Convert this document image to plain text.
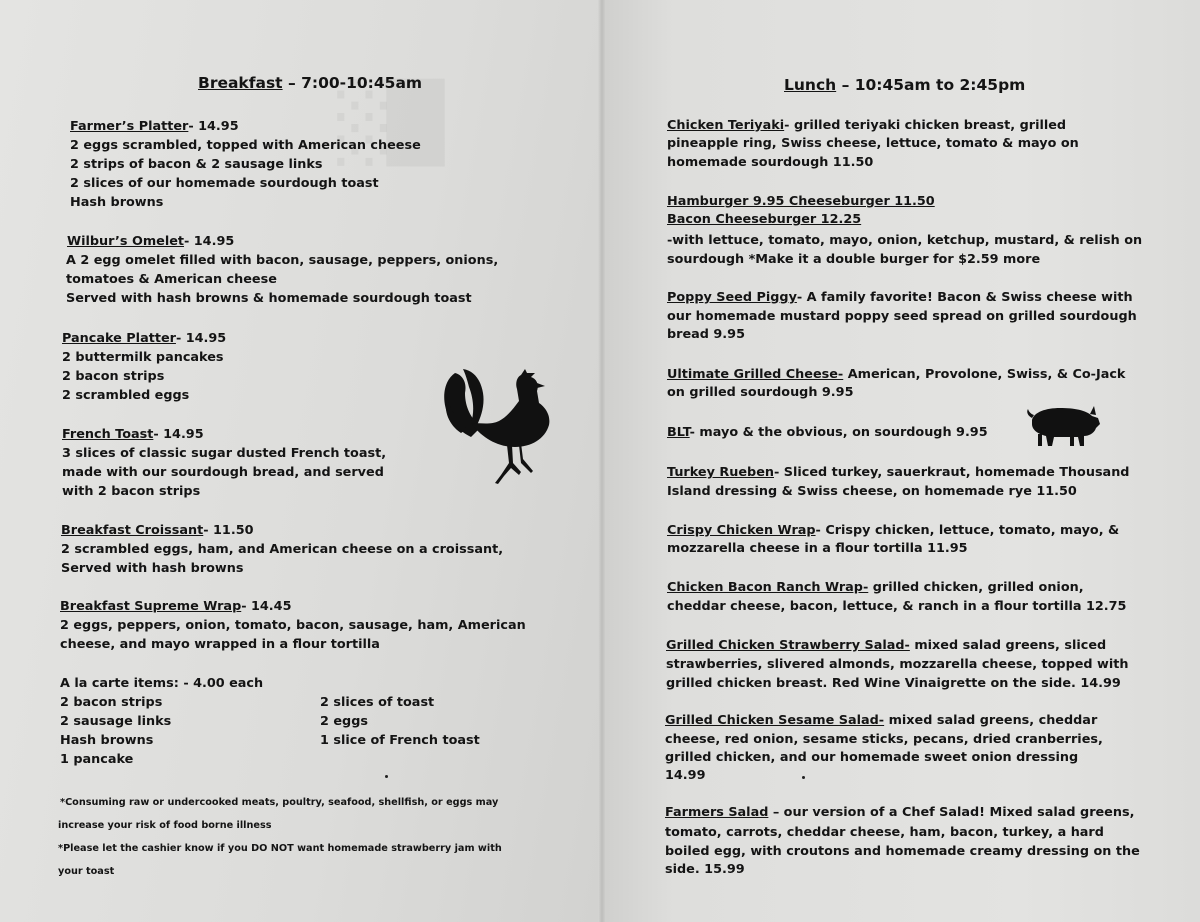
Breakfast – 7:00-10:45am
Farmer’s Platter- 14.95
2 eggs scrambled, topped with American cheese
2 strips of bacon & 2 sausage links
2 slices of our homemade sourdough toast
Hash browns
Wilbur’s Omelet- 14.95
A 2 egg omelet filled with bacon, sausage, peppers, onions,
tomatoes & American cheese
Served with hash browns & homemade sourdough toast
Pancake Platter- 14.95
2 buttermilk pancakes
2 bacon strips
2 scrambled eggs
French Toast- 14.95
3 slices of classic sugar dusted French toast,
made with our sourdough bread, and served
with 2 bacon strips
Breakfast Croissant- 11.50
2 scrambled eggs, ham, and American cheese on a croissant,
Served with hash browns
Breakfast Supreme Wrap- 14.45
2 eggs, peppers, onion, tomato, bacon, sausage, ham, American
cheese, and mayo wrapped in a flour tortilla
A la carte items: - 4.00 each
2 bacon strips
2 sausage links
Hash browns
1 pancake
2 slices of toast
2 eggs
1 slice of French toast
*Consuming raw or undercooked meats, poultry, seafood, shellfish, or eggs may
increase your risk of food borne illness
*Please let the cashier know if you DO NOT want homemade strawberry jam with
your toast
Lunch – 10:45am to 2:45pm
Chicken Teriyaki- grilled teriyaki chicken breast, grilled
pineapple ring, Swiss cheese, lettuce, tomato & mayo on
homemade sourdough 11.50
Hamburger 9.95 Cheeseburger 11.50
Bacon Cheeseburger 12.25
-with lettuce, tomato, mayo, onion, ketchup, mustard, & relish on
sourdough *Make it a double burger for $2.59 more
Poppy Seed Piggy- A family favorite! Bacon & Swiss cheese with
our homemade mustard poppy seed spread on grilled sourdough
bread 9.95
Ultimate Grilled Cheese- American, Provolone, Swiss, & Co-Jack
on grilled sourdough 9.95
BLT- mayo & the obvious, on sourdough 9.95
Turkey Rueben- Sliced turkey, sauerkraut, homemade Thousand
Island dressing & Swiss cheese, on homemade rye 11.50
Crispy Chicken Wrap- Crispy chicken, lettuce, tomato, mayo, &
mozzarella cheese in a flour tortilla 11.95
Chicken Bacon Ranch Wrap- grilled chicken, grilled onion,
cheddar cheese, bacon, lettuce, & ranch in a flour tortilla 12.75
Grilled Chicken Strawberry Salad- mixed salad greens, sliced
strawberries, slivered almonds, mozzarella cheese, topped with
grilled chicken breast. Red Wine Vinaigrette on the side. 14.99
Grilled Chicken Sesame Salad- mixed salad greens, cheddar
cheese, red onion, sesame sticks, pecans, dried cranberries,
grilled chicken, and our homemade sweet onion dressing
14.99
Farmers Salad – our version of a Chef Salad! Mixed salad greens,
tomato, carrots, cheddar cheese, ham, bacon, turkey, a hard
boiled egg, with croutons and homemade creamy dressing on the
side. 15.99
